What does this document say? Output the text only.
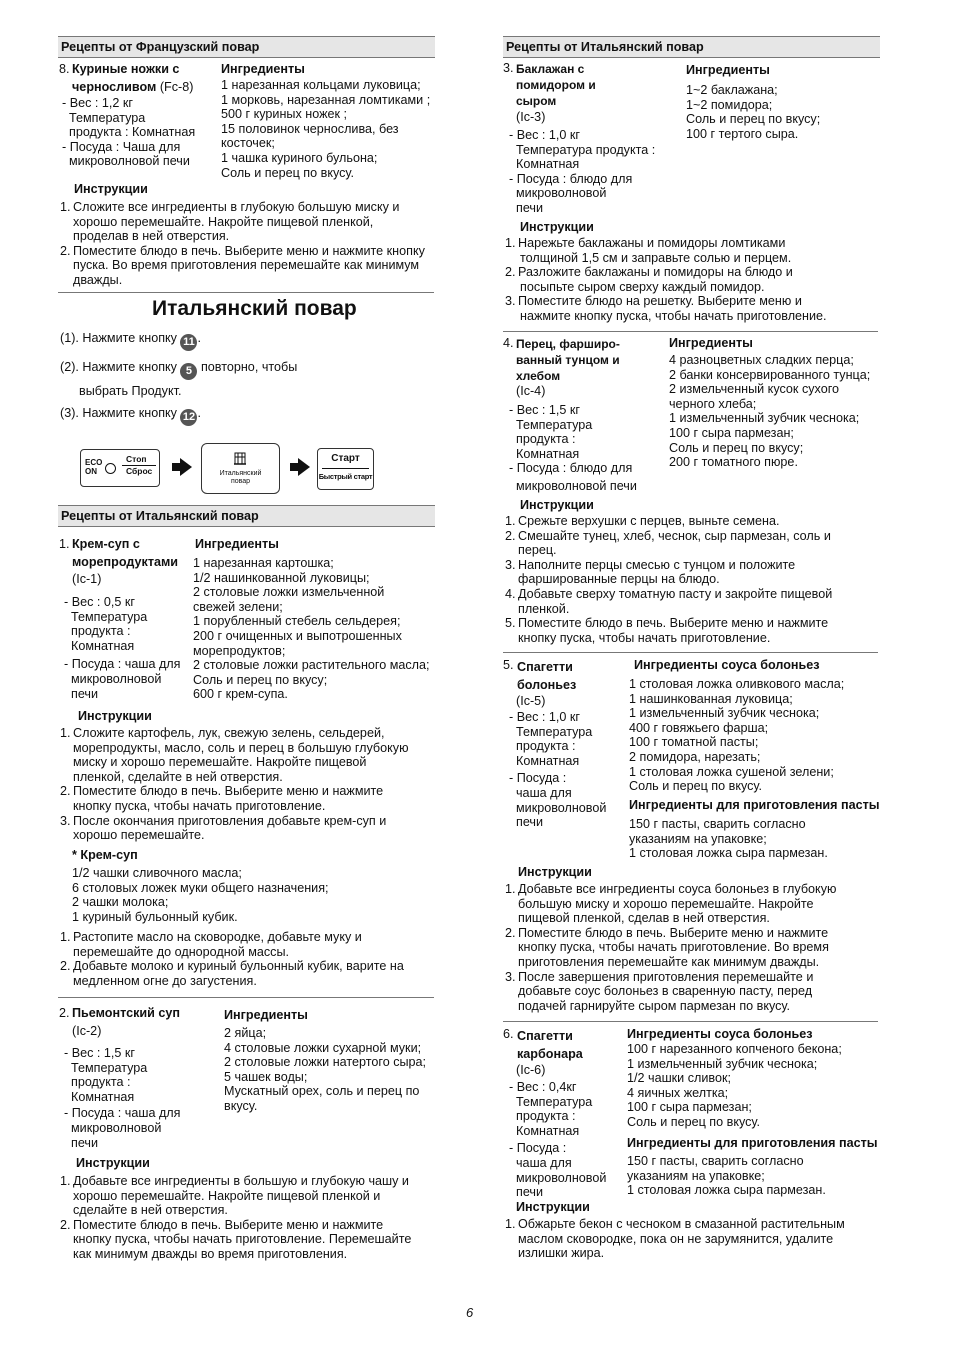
Рецепты от Французский повар
8. Куриные ножки с
черносливом (Fc-8)
- Вес : 1,2 кг
Температура
продукта : Комнатная
- Посуда : Чаша для
микроволновой печи
Ингредиенты
1 нарезанная кольцами луковица;
1 морковь, нарезанная ломтиками ;
500 г куриных ножек ;
15 половинок чернослива, без
косточек;
1 чашка куриного бульона;
Соль и перец по вкусу.
Инструкции
1. Сложите все ингредиенты в глубокую большую миску и
хорошо перемешайте. Накройте пищевой пленкой,
проделав в ней отверстия.
2. Поместите блюдо в печь. Выберите меню и нажмите кнопку
пуска. Во время приготовления перемешайте как минимум
дважды.
Итальянский повар
(1). Нажмите кнопку 11 .
(2). Нажмите кнопку 5 повторно, чтобы
выбрать Продукт.
(3). Нажмите кнопку 12 .
ECO
ON
Стоп
Сброс	Итальянский
повар
Старт
Быстрый старт
Рецепты от Итальянский повар
1. Крем-суп с
морепродуктами
(Ic-1)
- Вес : 0,5 кг
Температура
продукта :
Комнатная
- Посуда : чаша для
микроволновой
печи
Ингредиенты
1 нарезанная картошка;
1/2 нашинкованной луковицы;
2 столовые ложки измельченной
свежей зелени;
1 порубленный стебель сельдерея;
200 г очищенных и выпотрошенных
морепродуктов;
2 столовые ложки растительного масла;
Соль и перец по вкусу;
600 г крем-супа.
Инструкции
1. Сложите картофель, лук, свежую зелень, сельдерей,
морепродукты, масло, соль и перец в большую глубокую
миску и хорошо перемешайте. Накройте пищевой
пленкой, сделайте в ней отверстия.
2. Поместите блюдо в печь. Выберите меню и нажмите
кнопку пуска, чтобы начать приготовление.
3. После окончания приготовления добавьте крем-суп и
хорошо перемешайте.
* Крем-суп
1/2 чашки сливочного масла;
6 столовых ложек муки общего назначения;
2 чашки молока;
1 куриный бульонный кубик.
1. Растопите масло на сковородке, добавьте муку и
перемешайте до однородной массы.
2. Добавьте молоко и куриный бульонный кубик, варите на
медленном огне до загустения.
2. Пьемонтский суп
(Ic-2)
- Вес : 1,5 кг
Температура
продукта :
Комнатная
- Посуда : чаша для
микроволновой
печи
Ингредиенты
2 яйца;
4 столовые ложки сухарной муки;
2 столовые ложки натертого сыра;
5 чашек воды;
Мускатный орех, соль и перец по
вкусу.
Инструкции
1. Добавьте все ингредиенты в большую и глубокую чашу и
хорошо перемешайте. Накройте пищевой пленкой и
сделайте в ней отверстия.
2. Поместите блюдо в печь. Выберите меню и нажмите
кнопку пуска, чтобы начать приготовление. Перемешайте
как минимум дважды во время приготовления.
Рецепты от Итальянский повар
3. Баклажан с
помидором и
сыром
(Ic-3)
- Вес : 1,0 кг
Температура продукта :
Комнатная
- Посуда : блюдо для
микроволновой
печи
Ингредиенты
1~2 баклажана;
1~2 помидора;
Соль и перец по вкусу;
100 г тертого сыра.
Инструкции
1. Нарежьте баклажаны и помидоры ломтиками
толщиной 1,5 см и заправьте солью и перцем.
2. Разложите баклажаны и помидоры на блюдо и
посыпьте сыром сверху каждый помидор.
3. Поместите блюдо на решетку. Выберите меню и
нажмите кнопку пуска, чтобы начать приготовление.
4. Перец, фарширо-
ванный тунцом и
хлебом
(Ic-4)
- Вес : 1,5 кг
Температура
продукта :
Комнатная
- Посуда : блюдо для
микроволновой печи
Ингредиенты
4 разноцветных сладких перца;
2 банки консервированного тунца;
2 измельченный кусок сухого
черного хлеба;
1 измельченный зубчик чеснока;
100 г сыра пармезан;
Соль и перец по вкусу;
200 г томатного пюре.
Инструкции
1. Срежьте верхушки с перцев, выньте семена.
2. Смешайте тунец, хлеб, чеснок, сыр пармезан, соль и
перец.
3. Наполните перцы смесью с тунцом и положите
фаршированные перцы на блюдо.
4. Добавьте сверху томатную пасту и закройте пищевой
пленкой.
5. Поместите блюдо в печь. Выберите меню и нажмите
кнопку пуска, чтобы начать приготовление.
5. Спагетти
болоньез
(Ic-5)
- Вес : 1,0 кг
Температура
продукта :
Комнатная
- Посуда :
чаша для
микроволновой
печи
Ингредиенты соуса болоньез
1 столовая ложка оливкового масла;
1 нашинкованная луковица;
1 измельченный зубчик чеснока;
400 г говяжьего фарша;
100 г томатной пасты;
2 помидора, нарезать;
1 столовая ложка сушеной зелени;
Соль и перец по вкусу.
Ингредиенты для приготовления пасты
150 г пасты, сварить согласно
указаниям на упаковке;
1 столовая ложка сыра пармезан.
Инструкции
1. Добавьте все ингредиенты соуса болоньез в глубокую
большую миску и хорошо перемешайте. Накройте
пищевой пленкой, сделав в ней отверстия.
2. Поместите блюдо в печь. Выберите меню и нажмите
кнопку пуска, чтобы начать приготовление. Во время
приготовления перемешайте как минимум дважды.
3. После завершения приготовления перемешайте и
добавьте соус болоньез в сваренную пасту, перед
подачей гарнируйте сыром пармезан по вкусу.
6. Спагетти
карбонара
(Ic-6)
- Вес : 0,4кг
Температура
продукта :
Комнатная
- Посуда :
чаша для
микроволновой
печи
Ингредиенты соуса болоньез
100 г нарезанного копченого бекона;
1 измельченный зубчик чеснока;
1/2 чашки сливок;
4 яичных желтка;
100 г сыра пармезан;
Соль и перец по вкусу.
Ингредиенты для приготовления пасты
150 г пасты, сварить согласно
указаниям на упаковке;
1 столовая ложка сыра пармезан.
Инструкции
1. Обжарьте бекон с чесноком в смазанной растительным
маслом сковородке, пока он не зарумянится, удалите
излишки жира.
6
